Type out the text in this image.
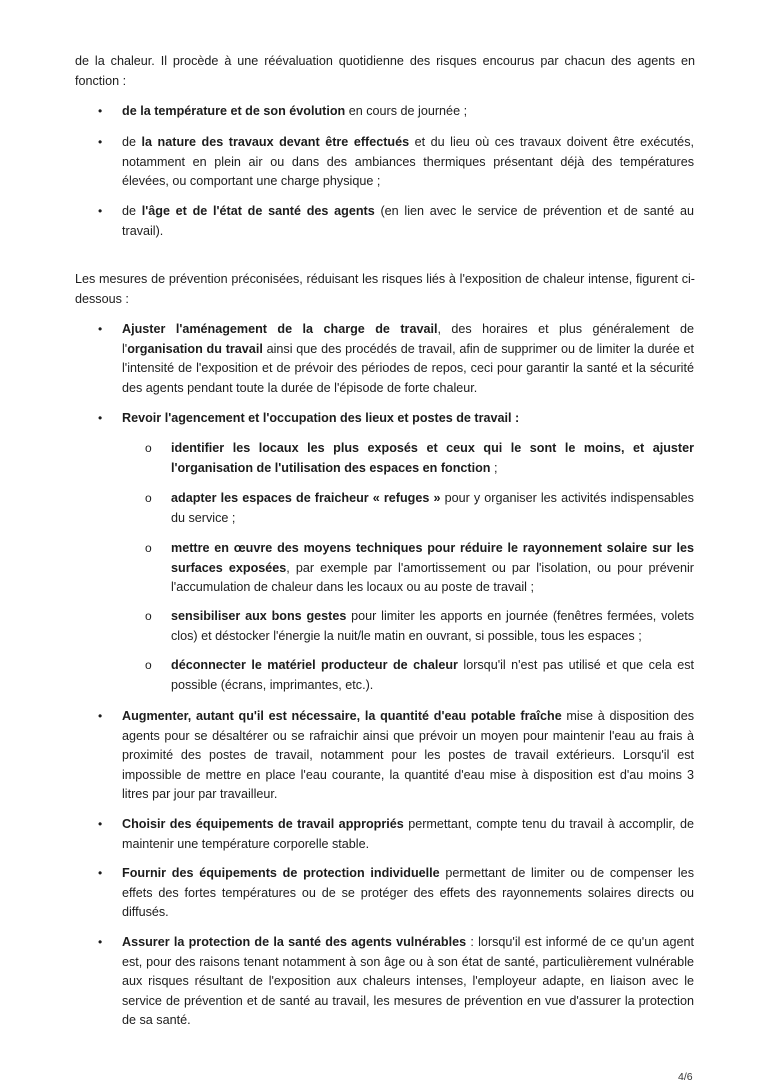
de la chaleur. Il procède à une réévaluation quotidienne des risques encourus par chacun des agents en fonction :

• de la température et de son évolution en cours de journée ;

• de la nature des travaux devant être effectués et du lieu où ces travaux doivent être exécutés, notamment en plein air ou dans des ambiances thermiques présentant déjà des températures élevées, ou comportant une charge physique ;

• de l'âge et de l'état de santé des agents (en lien avec le service de prévention et de santé au travail).

Les mesures de prévention préconisées, réduisant les risques liés à l'exposition de chaleur intense, figurent ci-dessous :

• Ajuster l'aménagement de la charge de travail, des horaires et plus généralement de l'organisation du travail ainsi que des procédés de travail, afin de supprimer ou de limiter la durée et l'intensité de l'exposition et de prévoir des périodes de repos, ceci pour garantir la santé et la sécurité des agents pendant toute la durée de l'épisode de forte chaleur.

• Revoir l'agencement et l'occupation des lieux et postes de travail :

o identifier les locaux les plus exposés et ceux qui le sont le moins, et ajuster l'organisation de l'utilisation des espaces en fonction ;

o adapter les espaces de fraicheur « refuges » pour y organiser les activités indispensables du service ;

o mettre en œuvre des moyens techniques pour réduire le rayonnement solaire sur les surfaces exposées, par exemple par l'amortissement ou par l'isolation, ou pour prévenir l'accumulation de chaleur dans les locaux ou au poste de travail ;

o sensibiliser aux bons gestes pour limiter les apports en journée (fenêtres fermées, volets clos) et déstocker l'énergie la nuit/le matin en ouvrant, si possible, tous les espaces ;

o déconnecter le matériel producteur de chaleur lorsqu'il n'est pas utilisé et que cela est possible (écrans, imprimantes, etc.).

• Augmenter, autant qu'il est nécessaire, la quantité d'eau potable fraîche mise à disposition des agents pour se désaltérer ou se rafraichir ainsi que prévoir un moyen pour maintenir l'eau au frais à proximité des postes de travail, notamment pour les postes de travail extérieurs. Lorsqu'il est impossible de mettre en place l'eau courante, la quantité d'eau mise à disposition est d'au moins 3 litres par jour par travailleur.

• Choisir des équipements de travail appropriés permettant, compte tenu du travail à accomplir, de maintenir une température corporelle stable.

• Fournir des équipements de protection individuelle permettant de limiter ou de compenser les effets des fortes températures ou de se protéger des effets des rayonnements solaires directs ou diffusés.

• Assurer la protection de la santé des agents vulnérables : lorsqu'il est informé de ce qu'un agent est, pour des raisons tenant notamment à son âge ou à son état de santé, particulièrement vulnérable aux risques résultant de l'exposition aux chaleurs intenses, l'employeur adapte, en liaison avec le service de prévention et de santé au travail, les mesures de prévention en vue d'assurer la protection de sa santé.

4/6
